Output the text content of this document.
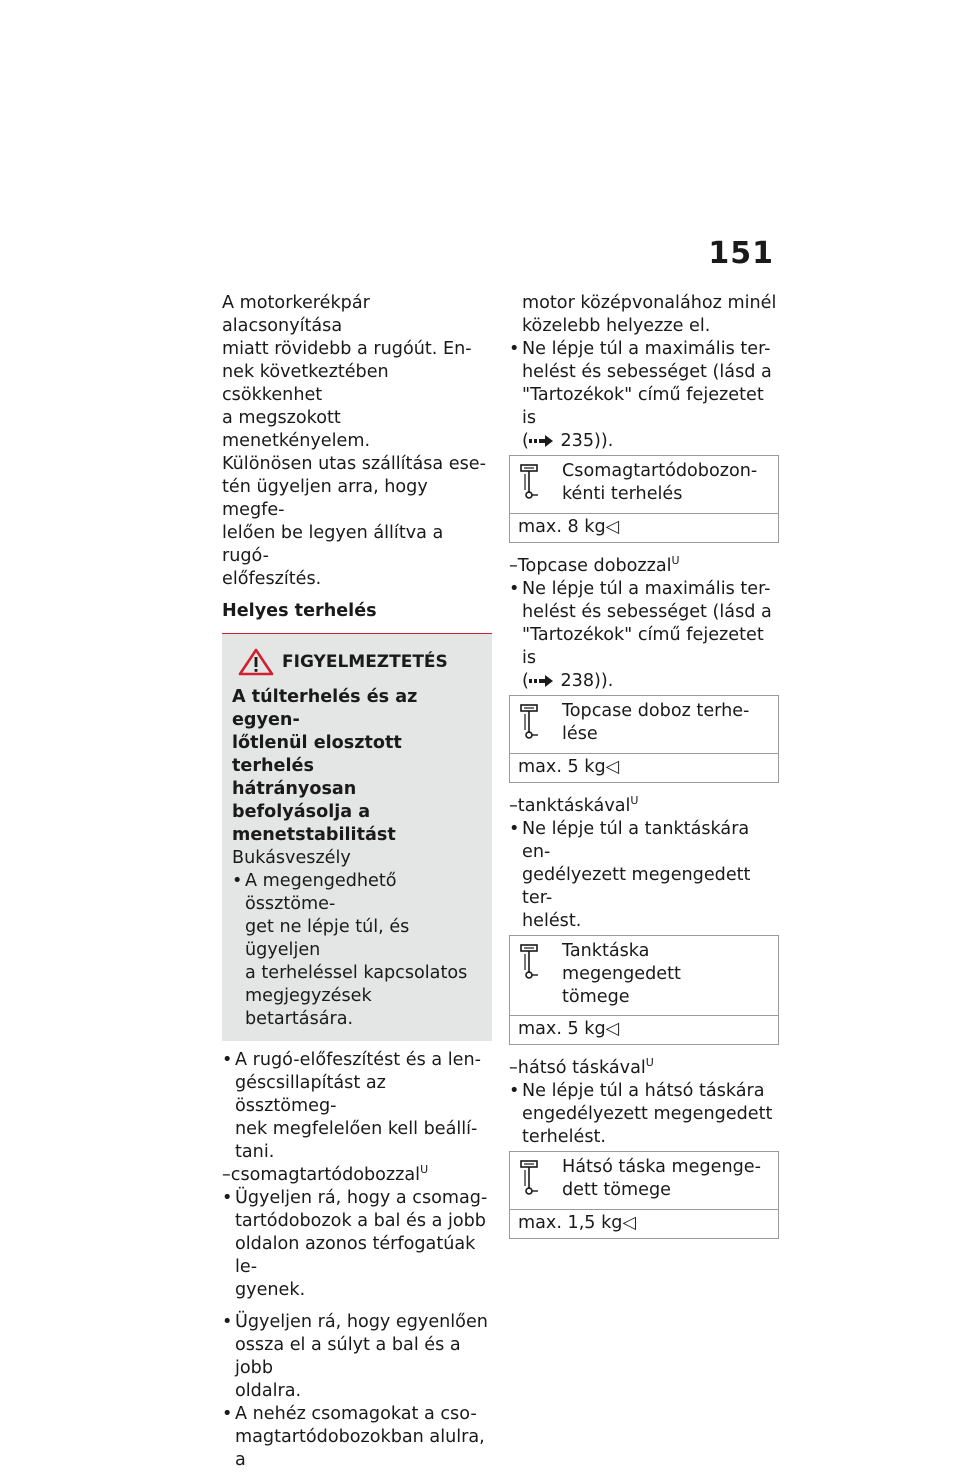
151
A motorkerékpár alacsonyítása
miatt rövidebb a rugóút. En-
nek következtében csökkenhet
a megszokott menetkényelem.
Különösen utas szállítása ese-
tén ügyeljen arra, hogy megfe-
lelően be legyen állítva a rugó-
előfeszítés.
Helyes terhelés
FIGYELMEZTETÉS
A túlterhelés és az egyen-
lőtlenül elosztott terhelés
hátrányosan befolyásolja a
menetstabilitást
Bukásveszély
• A megengedhető össztöme-
get ne lépje túl, és ügyeljen
a terheléssel kapcsolatos
megjegyzések betartására.
• A rugó-előfeszítést és a len-
géscsillapítást az össztömeg-
nek megfelelően kell beállí-
tani.
–csomagtartódobozzal$^U$
• Ügyeljen rá, hogy a csomag-
tartódobozok a bal és a jobb
oldalon azonos térfogatúak le-
gyenek.
• Ügyeljen rá, hogy egyenlően
ossza el a súlyt a bal és a jobb
oldalra.
• A nehéz csomagokat a cso-
magtartódobozokban alulra, a
motor középvonalához minél
közelebb helyezze el.
• Ne lépje túl a maximális ter-
helést és sebességet (lásd a
"Tartozékok" című fejezetet is
( 235)).
Csomagtartódobozon-
kénti terhelés
max. 8 kg◁
–Topcase dobozzal$^U$
• Ne lépje túl a maximális ter-
helést és sebességet (lásd a
"Tartozékok" című fejezetet is
( 238)).
Topcase doboz terhe-
lése
max. 5 kg◁
–tanktáskával$^U$
• Ne lépje túl a tanktáskára en-
gedélyezett megengedett ter-
helést.
Tanktáska megengedett
tömege
max. 5 kg◁
–hátsó táskával$^U$
• Ne lépje túl a hátsó táskára
engedélyezett megengedett
terhelést.
Hátsó táska megenge-
dett tömege
max. 1,5 kg◁
